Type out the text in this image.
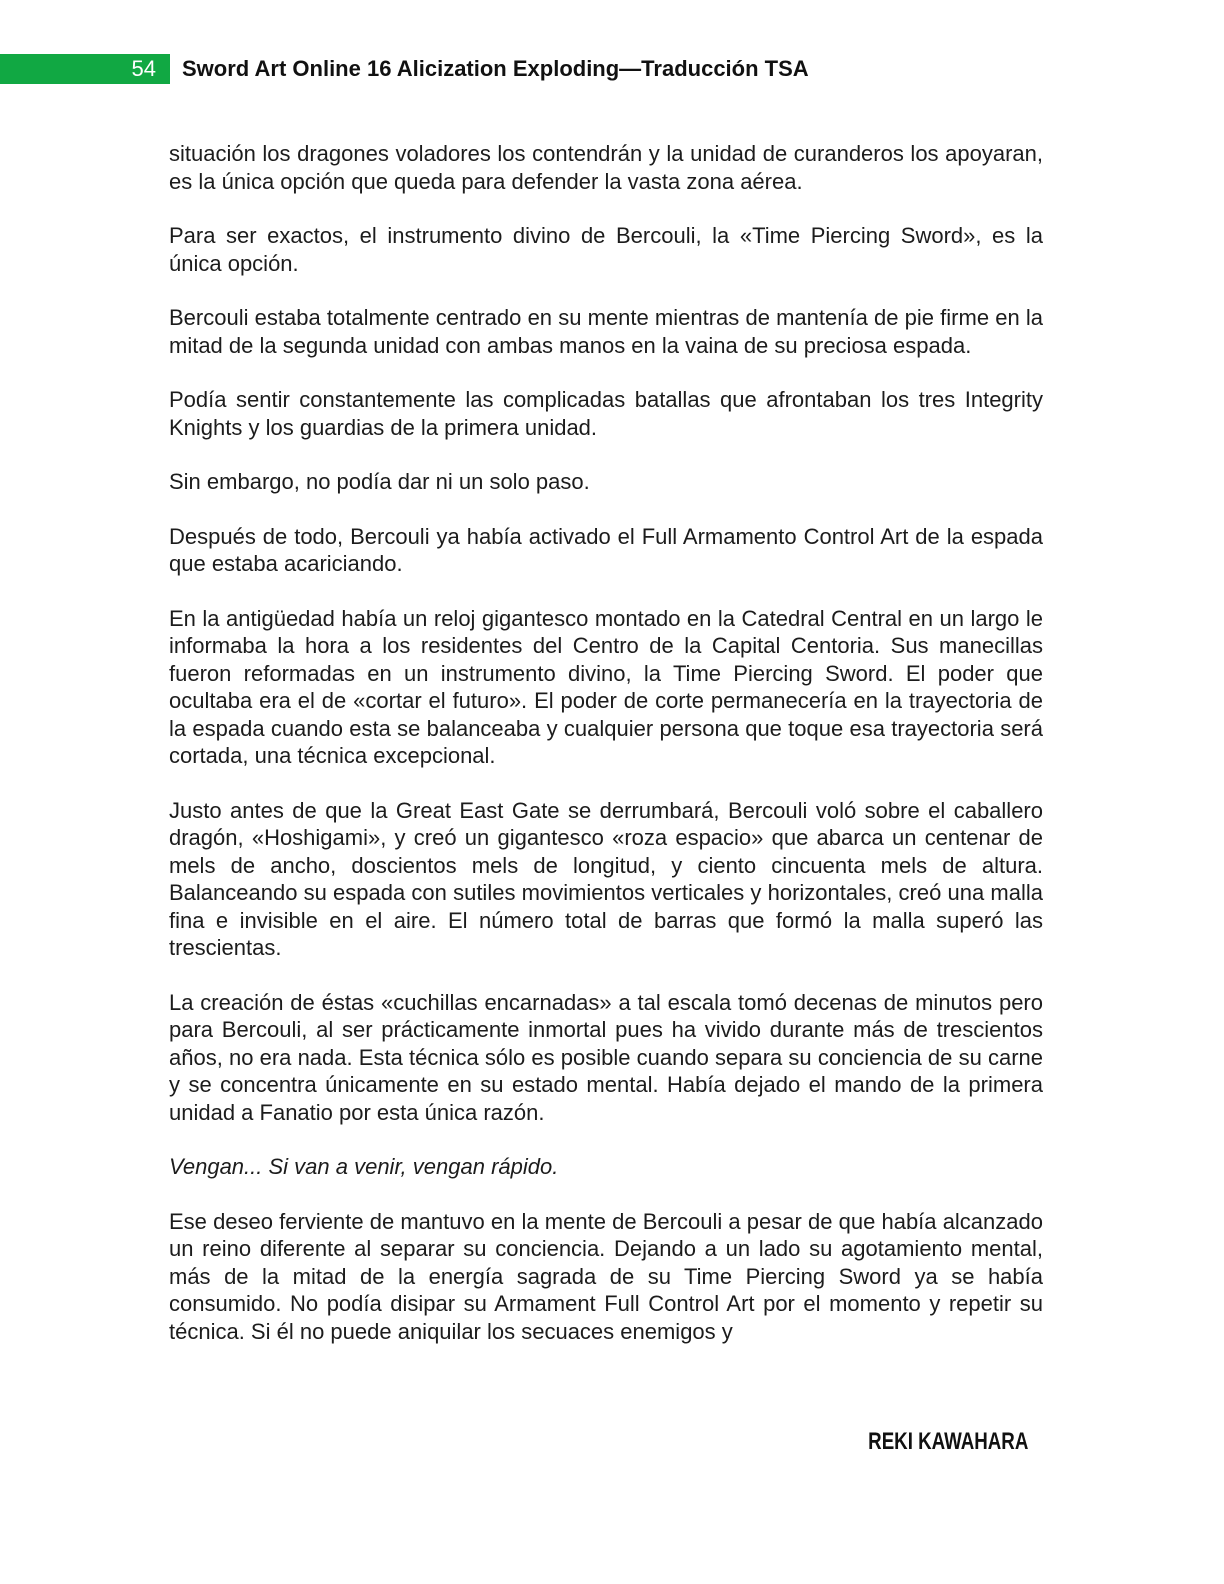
54 Sword Art Online 16 Alicization Exploding—Traducción TSA

situación los dragones voladores los contendrán y la unidad de curanderos los apoyaran, es la única opción que queda para defender la vasta zona aérea.

Para ser exactos, el instrumento divino de Bercouli, la «Time Piercing Sword», es la única opción.

Bercouli estaba totalmente centrado en su mente mientras de mantenía de pie firme en la mitad de la segunda unidad con ambas manos en la vaina de su preciosa espada.

Podía sentir constantemente las complicadas batallas que afrontaban los tres Integrity Knights y los guardias de la primera unidad.

Sin embargo, no podía dar ni un solo paso.

Después de todo, Bercouli ya había activado el Full Armamento Control Art de la espada que estaba acariciando.

En la antigüedad había un reloj gigantesco montado en la Catedral Central en un largo le informaba la hora a los residentes del Centro de la Capital Centoria. Sus manecillas fueron reformadas en un instrumento divino, la Time Piercing Sword. El poder que ocultaba era el de «cortar el futuro». El poder de corte permanecería en la trayectoria de la espada cuando esta se balanceaba y cualquier persona que toque esa trayectoria será cortada, una técnica excepcional.

Justo antes de que la Great East Gate se derrumbará, Bercouli voló sobre el caballero dragón, «Hoshigami», y creó un gigantesco «roza espacio» que abarca un centenar de mels de ancho, doscientos mels de longitud, y ciento cincuenta mels de altura. Balanceando su espada con sutiles movimientos verticales y horizontales, creó una malla fina e invisible en el aire. El número total de barras que formó la malla superó las trescientas.

La creación de éstas «cuchillas encarnadas» a tal escala tomó decenas de minutos pero para Bercouli, al ser prácticamente inmortal pues ha vivido durante más de trescientos años, no era nada. Esta técnica sólo es posible cuando separa su conciencia de su carne y se concentra únicamente en su estado mental. Había dejado el mando de la primera unidad a Fanatio por esta única razón.

Vengan... Si van a venir, vengan rápido.

Ese deseo ferviente de mantuvo en la mente de Bercouli a pesar de que había alcanzado un reino diferente al separar su conciencia. Dejando a un lado su agotamiento mental, más de la mitad de la energía sagrada de su Time Piercing Sword ya se había consumido. No podía disipar su Armament Full Control Art por el momento y repetir su técnica. Si él no puede aniquilar los secuaces enemigos y

REKI KAWAHARA
